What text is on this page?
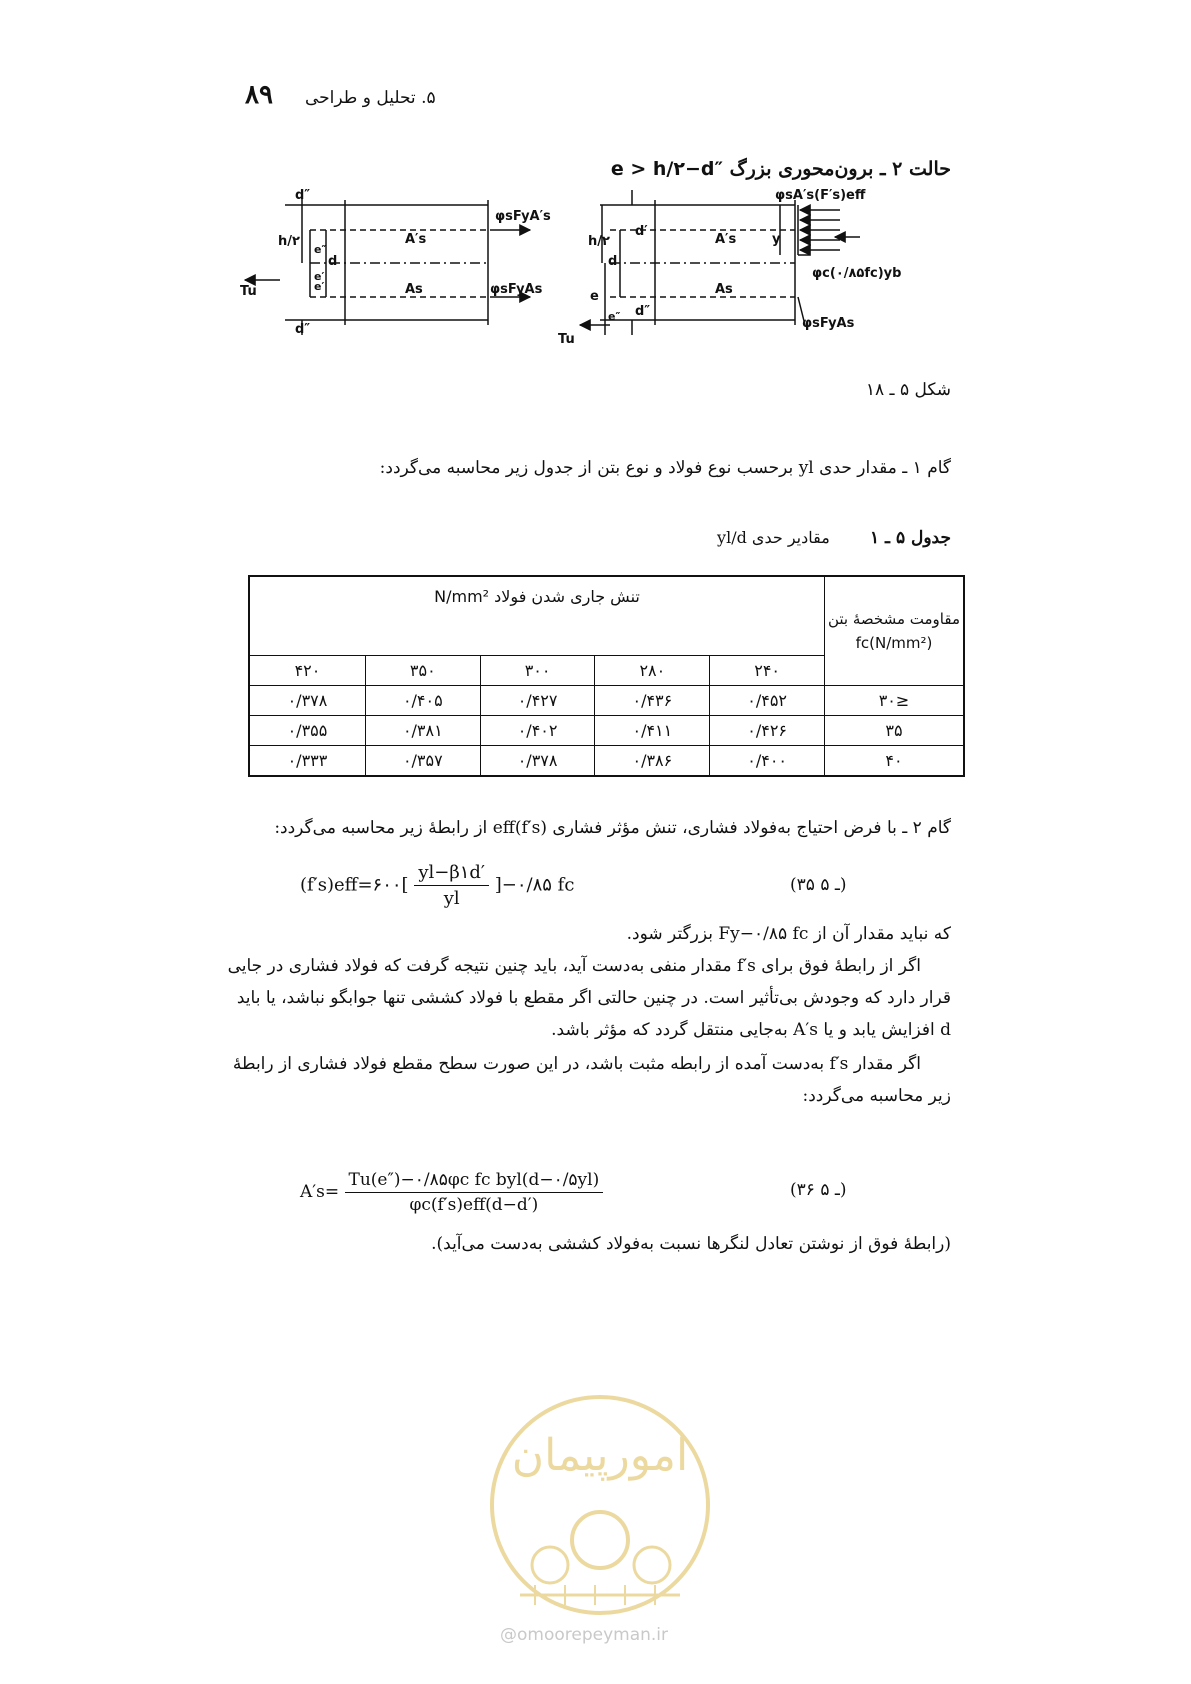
۸۹ ۵. تحلیل و طراحی
حالت ۲ ـ برون‌محوری بزرگ e > h/۲−d″
d″
h/۲
e″
e′
e′
d″
d
A′s
As
Tu
φsFyA′s
φsFyAs
d′
h/۲
d
e
e″ d″
y
A′s
As
Tu
φsA′s(F′s)eff
φc(۰/۸۵fc)yb
φsFyAs
شکل ۵ ـ ۱۸
گام ۱ ـ مقدار حدی yl برحسب نوع فولاد و نوع بتن از جدول زیر محاسبه می‌گردد:
جدول ۵ ـ ۱  مقادیر حدی yl/d
مقاومت مشخصهٔ بتن
fc(N/mm²)	تنش جاری شدن فولاد N/mm²				
	۲۴۰	۲۸۰	۳۰۰	۳۵۰	۴۲۰
≤۳۰	۰/۴۵۲	۰/۴۳۶	۰/۴۲۷	۰/۴۰۵	۰/۳۷۸
۳۵	۰/۴۲۶	۰/۴۱۱	۰/۴۰۲	۰/۳۸۱	۰/۳۵۵
۴۰	۰/۴۰۰	۰/۳۸۶	۰/۳۷۸	۰/۳۵۷	۰/۳۳۳
گام ۲ ـ با فرض احتیاج به‌فولاد فشاری، تنش مؤثر فشاری (f′s)eff از رابطهٔ زیر محاسبه می‌گردد:
(f′s)eff=۶۰۰[ $\frac{yl-\beta ۱d'}{yl}$ ]−۰/۸۵ fc	(۳۵ ـ ۵)
که نباید مقدار آن از Fy−۰/۸۵ fc بزرگتر شود.
اگر از رابطهٔ فوق برای f′s مقدار منفی به‌دست آید، باید چنین نتیجه گرفت که فولاد فشاری در جایی قرار دارد که وجودش بی‌تأثیر است. در چنین حالتی اگر مقطع با فولاد کششی تنها جوابگو نباشد، یا باید d افزایش یابد و یا A′s به‌جایی منتقل گردد که مؤثر باشد.
اگر مقدار f′s به‌دست آمده از رابطه مثبت باشد، در این صورت سطح مقطع فولاد فشاری از رابطهٔ زیر محاسبه می‌گردد:
$A's= \frac{\text{Tu(e″)−۰/۸۵φc fc byl(d−۰/۵yl)}}{\text{φc(f′s)eff(d−d′)}}$	(۳۶ ـ ۵)
(رابطهٔ فوق از نوشتن تعادل لنگرها نسبت به‌فولاد کششی به‌دست می‌آید).
امورپیمان
@omoorepeyman.ir
